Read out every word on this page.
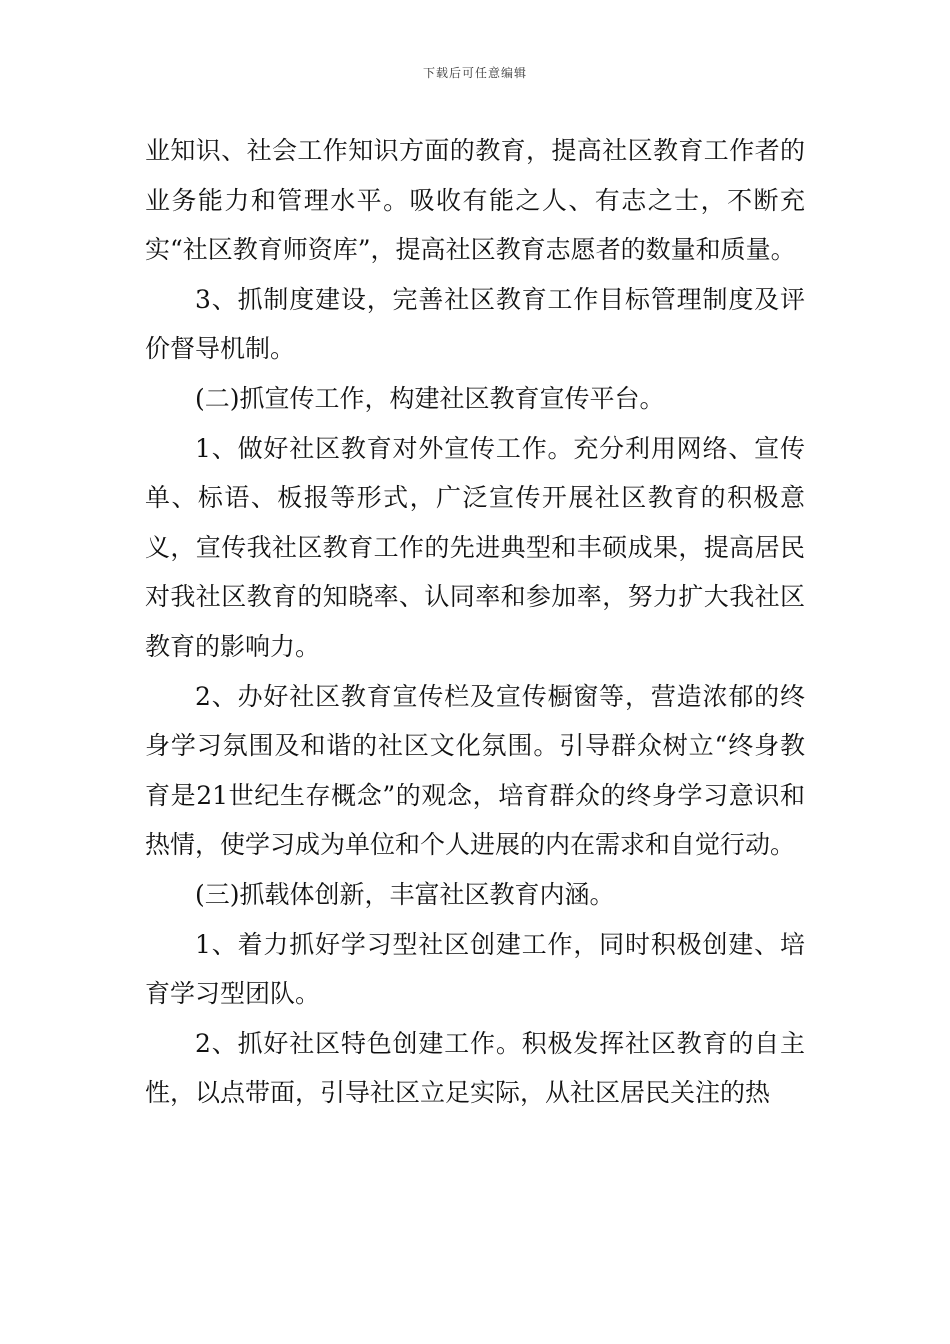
下载后可任意编辑

业知识、社会工作知识方面的教育，提高社区教育工作者的业务能力和管理水平。吸收有能之人、有志之士，不断充实“社区教育师资库”，提高社区教育志愿者的数量和质量。

3、抓制度建设，完善社区教育工作目标管理制度及评价督导机制。

(二)抓宣传工作，构建社区教育宣传平台。

1、做好社区教育对外宣传工作。充分利用网络、宣传单、标语、板报等形式，广泛宣传开展社区教育的积极意义，宣传我社区教育工作的先进典型和丰硕成果，提高居民对我社区教育的知晓率、认同率和参加率，努力扩大我社区教育的影响力。

2、办好社区教育宣传栏及宣传橱窗等，营造浓郁的终身学习氛围及和谐的社区文化氛围。引导群众树立“终身教育是21世纪生存概念”的观念，培育群众的终身学习意识和热情，使学习成为单位和个人进展的内在需求和自觉行动。

(三)抓载体创新，丰富社区教育内涵。

1、着力抓好学习型社区创建工作，同时积极创建、培育学习型团队。

2、抓好社区特色创建工作。积极发挥社区教育的自主性，以点带面，引导社区立足实际，从社区居民关注的热
